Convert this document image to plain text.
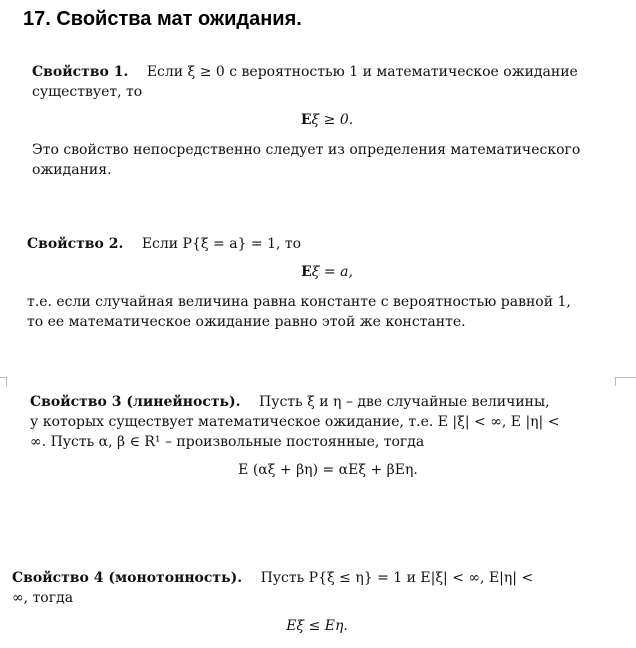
17. Свойства мат ожидания.

Свойство 1. Если ξ ≥ 0 с вероятностью 1 и математическое ожидание

существует, то

Eξ ≥ 0.

Это свойство непосредственно следует из определения математического

ожидания.

Свойство 2. Если P{ξ = a} = 1, то

Eξ = a,

т.е. если случайная величина равна константе с вероятностью равной 1,

то ее математическое ожидание равно этой же константе.

Свойство 3 (линейность). Пусть ξ и η – две случайные величины,

у которых существует математическое ожидание, т.е. E |ξ| < ∞, E |η| <

∞. Пусть α, β ∈ R¹ – произвольные постоянные, тогда

E (αξ + βη) = αEξ + βEη.

Свойство 4 (монотонность). Пусть P{ξ ≤ η} = 1 и E|ξ| < ∞, E|η| <

∞, тогда

Eξ ≤ Eη.
